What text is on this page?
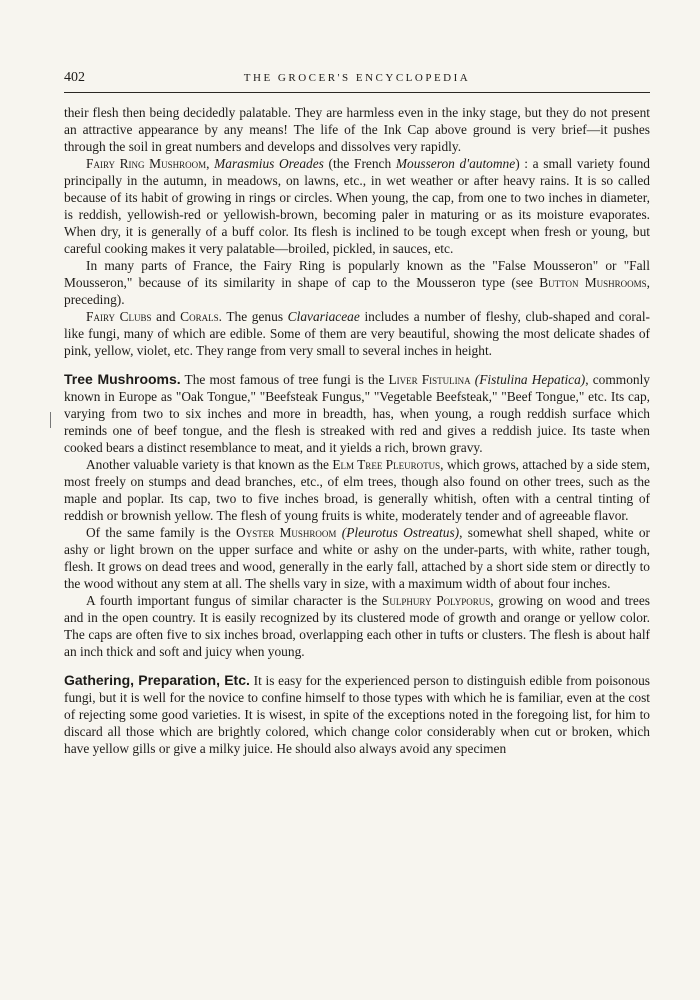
402	THE GROCER'S ENCYCLOPEDIA

their flesh then being decidedly palatable. They are harmless even in the inky stage, but they do not present an attractive appearance by any means! The life of the Ink Cap above ground is very brief—it pushes through the soil in great numbers and develops and dissolves very rapidly.

Fairy Ring Mushroom, Marasmius Oreades (the French Mousseron d'automne) : a small variety found principally in the autumn, in meadows, on lawns, etc., in wet weather or after heavy rains. It is so called because of its habit of growing in rings or circles. When young, the cap, from one to two inches in diameter, is reddish, yellowish-red or yellowish-brown, becoming paler in maturing or as its moisture evaporates. When dry, it is generally of a buff color. Its flesh is inclined to be tough except when fresh or young, but careful cooking makes it very palatable—broiled, pickled, in sauces, etc.

In many parts of France, the Fairy Ring is popularly known as the "False Mousseron" or "Fall Mousseron," because of its similarity in shape of cap to the Mousseron type (see Button Mushrooms, preceding).

Fairy Clubs and Corals. The genus Clavariaceae includes a number of fleshy, club-shaped and coral-like fungi, many of which are edible. Some of them are very beautiful, showing the most delicate shades of pink, yellow, violet, etc. They range from very small to several inches in height.

Tree Mushrooms. The most famous of tree fungi is the Liver Fistulina (Fistulina Hepatica), commonly known in Europe as "Oak Tongue," "Beefsteak Fungus," "Vegetable Beefsteak," "Beef Tongue," etc. Its cap, varying from two to six inches and more in breadth, has, when young, a rough reddish surface which reminds one of beef tongue, and the flesh is streaked with red and gives a reddish juice. Its taste when cooked bears a distinct resemblance to meat, and it yields a rich, brown gravy.

Another valuable variety is that known as the Elm Tree Pleurotus, which grows, attached by a side stem, most freely on stumps and dead branches, etc., of elm trees, though also found on other trees, such as the maple and poplar. Its cap, two to five inches broad, is generally whitish, often with a central tinting of reddish or brownish yellow. The flesh of young fruits is white, moderately tender and of agreeable flavor.

Of the same family is the Oyster Mushroom (Pleurotus Ostreatus), somewhat shell shaped, white or ashy or light brown on the upper surface and white or ashy on the under-parts, with white, rather tough, flesh. It grows on dead trees and wood, generally in the early fall, attached by a short side stem or directly to the wood without any stem at all. The shells vary in size, with a maximum width of about four inches.

A fourth important fungus of similar character is the Sulphury Polyporus, growing on wood and trees and in the open country. It is easily recognized by its clustered mode of growth and orange or yellow color. The caps are often five to six inches broad, overlapping each other in tufts or clusters. The flesh is about half an inch thick and soft and juicy when young.

Gathering, Preparation, Etc. It is easy for the experienced person to distinguish edible from poisonous fungi, but it is well for the novice to confine himself to those types with which he is familiar, even at the cost of rejecting some good varieties. It is wisest, in spite of the exceptions noted in the foregoing list, for him to discard all those which are brightly colored, which change color considerably when cut or broken, which have yellow gills or give a milky juice. He should also always avoid any specimen
